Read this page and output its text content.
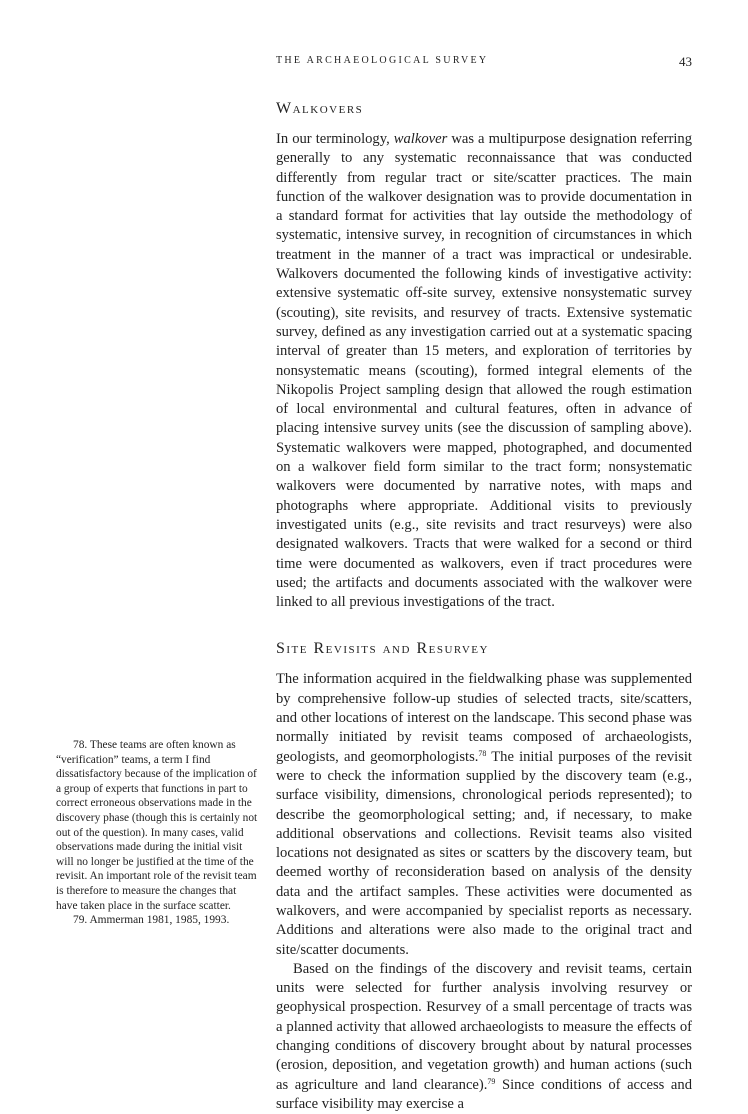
THE ARCHAEOLOGICAL SURVEY	43
Walkovers

In our terminology, walkover was a multipurpose designation referring generally to any systematic reconnaissance that was conducted differently from regular tract or site/scatter practices. The main function of the walkover designation was to provide documentation in a standard format for activities that lay outside the methodology of systematic, intensive survey, in recognition of circumstances in which treatment in the manner of a tract was impractical or undesirable. Walkovers documented the following kinds of investigative activity: extensive systematic off-site survey, extensive nonsystematic survey (scouting), site revisits, and resurvey of tracts. Extensive systematic survey, defined as any investigation carried out at a systematic spacing interval of greater than 15 meters, and exploration of territories by nonsystematic means (scouting), formed integral elements of the Nikopolis Project sampling design that allowed the rough estimation of local environmental and cultural features, often in advance of placing intensive survey units (see the discussion of sampling above). Systematic walkovers were mapped, photographed, and documented on a walkover field form similar to the tract form; nonsystematic walkovers were documented by narrative notes, with maps and photographs where appropriate. Additional visits to previously investigated units (e.g., site revisits and tract resurveys) were also designated walkovers. Tracts that were walked for a second or third time were documented as walkovers, even if tract procedures were used; the artifacts and documents associated with the walkover were linked to all previous investigations of the tract.

Site Revisits and Resurvey

The information acquired in the fieldwalking phase was supplemented by comprehensive follow-up studies of selected tracts, site/scatters, and other locations of interest on the landscape. This second phase was normally initiated by revisit teams composed of archaeologists, geologists, and geomorphologists.$^{78}$ The initial purposes of the revisit were to check the information supplied by the discovery team (e.g., surface visibility, dimensions, chronological periods represented); to describe the geomorphological setting; and, if necessary, to make additional observations and collections. Revisit teams also visited locations not designated as sites or scatters by the discovery team, but deemed worthy of reconsideration based on analysis of the density data and the artifact samples. These activities were documented as walkovers, and were accompanied by specialist reports as necessary. Additions and alterations were also made to the original tract and site/scatter documents.

Based on the findings of the discovery and revisit teams, certain units were selected for further analysis involving resurvey or geophysical prospection. Resurvey of a small percentage of tracts was a planned activity that allowed archaeologists to measure the effects of changing conditions of discovery brought about by natural processes (erosion, deposition, and vegetation growth) and human actions (such as agriculture and land clearance).$^{79}$ Since conditions of access and surface visibility may exercise a

78. These teams are often known as “verification” teams, a term I find dissatisfactory because of the implication of a group of experts that functions in part to correct erroneous observations made in the discovery phase (though this is certainly not out of the question). In many cases, valid observations made during the initial visit will no longer be justified at the time of the revisit. An important role of the revisit team is therefore to measure the changes that have taken place in the surface scatter.

79. Ammerman 1981, 1985, 1993.
